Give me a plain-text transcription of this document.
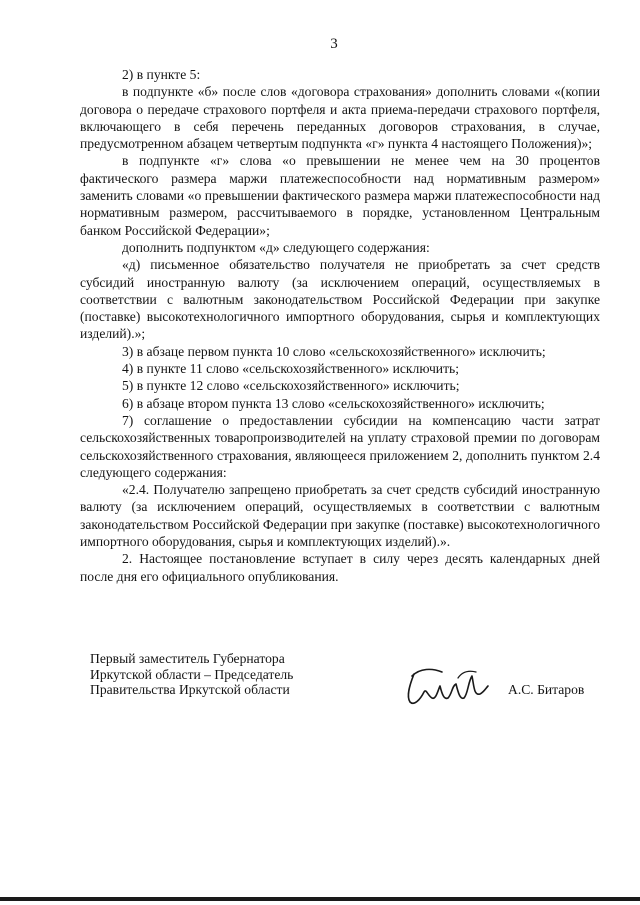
3

2) в пункте 5:

в подпункте «б» после слов «договора страхования» дополнить словами «(копии договора о передаче страхового портфеля и акта приема-передачи страхового портфеля, включающего в себя перечень переданных договоров страхования, в случае, предусмотренном абзацем четвертым подпункта «г» пункта 4 настоящего Положения)»;

в подпункте «г» слова «о превышении не менее чем на 30 процентов фактического размера маржи платежеспособности над нормативным размером» заменить словами «о превышении фактического размера маржи платежеспособности над нормативным размером, рассчитываемого в порядке, установленном Центральным банком Российской Федерации»;

дополнить подпунктом «д» следующего содержания:

«д) письменное обязательство получателя не приобретать за счет средств субсидий иностранную валюту (за исключением операций, осуществляемых в соответствии с валютным законодательством Российской Федерации при закупке (поставке) высокотехнологичного импортного оборудования, сырья и комплектующих изделий).»;

3) в абзаце первом пункта 10 слово «сельскохозяйственного» исключить;

4) в пункте 11 слово «сельскохозяйственного» исключить;

5) в пункте 12 слово «сельскохозяйственного» исключить;

6) в абзаце втором пункта 13 слово «сельскохозяйственного» исключить;

7) соглашение о предоставлении субсидии на компенсацию части затрат сельскохозяйственных товаропроизводителей на уплату страховой премии по договорам сельскохозяйственного страхования, являющееся приложением 2, дополнить пунктом 2.4 следующего содержания:

«2.4. Получателю запрещено приобретать за счет средств субсидий иностранную валюту (за исключением операций, осуществляемых в соответствии с валютным законодательством Российской Федерации при закупке (поставке) высокотехнологичного импортного оборудования, сырья и комплектующих изделий).».

2. Настоящее постановление вступает в силу через десять календарных дней после дня его официального опубликования.

Первый заместитель Губернатора
Иркутской области – Председатель
Правительства Иркутской области	А.С. Битаров
